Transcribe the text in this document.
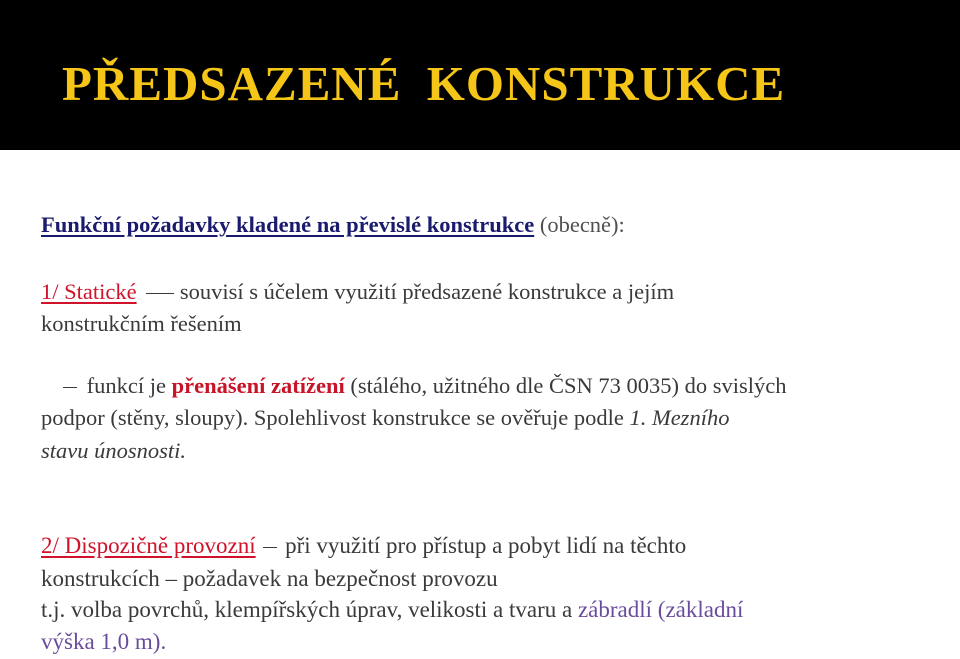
PŘEDSAZENÉ KONSTRUKCE
Funkční požadavky kladené na převislé konstrukce (obecně):
1/ Statické souvisí s účelem využití předsazené konstrukce a jejím
konstrukčním řešením
funkcí je přenášení zatížení (stálého, užitného dle ČSN 73 0035) do svislých
podpor (stěny, sloupy). Spolehlivost konstrukce se ověřuje podle 1. Mezního
stavu únosnosti.
2/ Dispozičně provozní při využití pro přístup a pobyt lidí na těchto
konstrukcích – požadavek na bezpečnost provozu
t.j. volba povrchů, klempířských úprav, velikosti a tvaru a zábradlí (základní
výška 1,0 m).
